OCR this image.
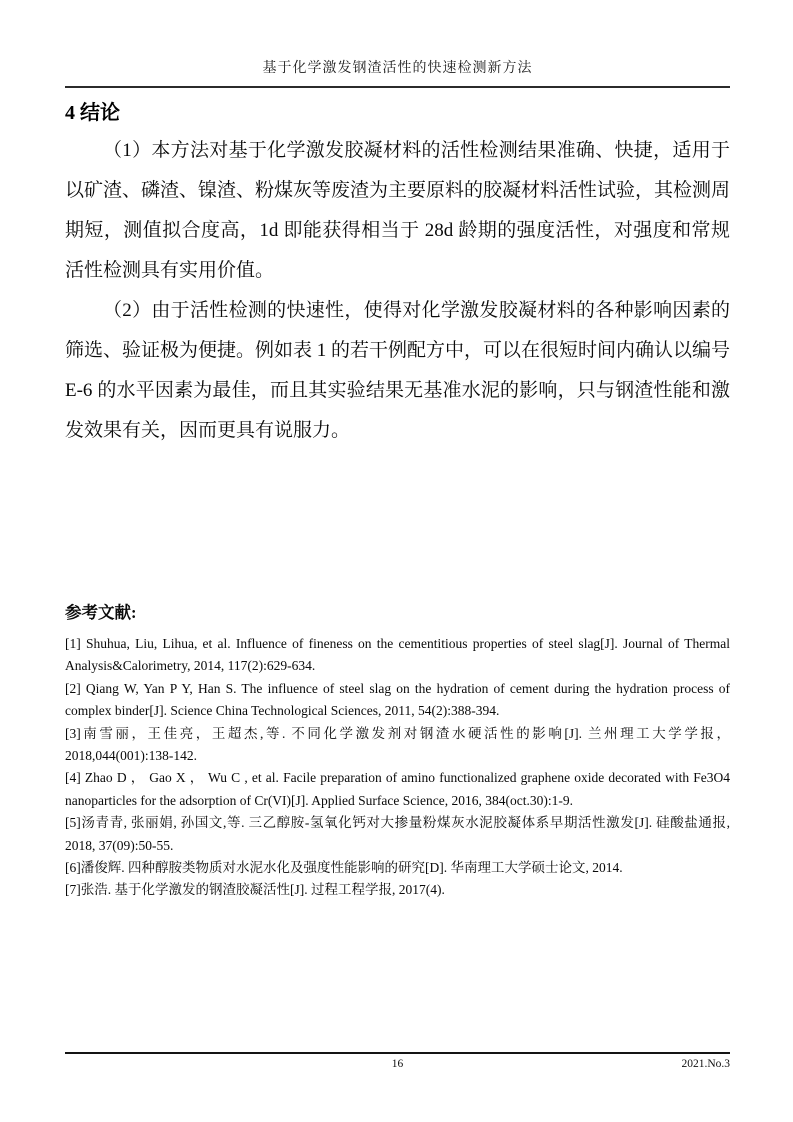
基于化学激发钢渣活性的快速检测新方法
4 结论

（1）本方法对基于化学激发胶凝材料的活性检测结果准确、快捷，适用于以矿渣、磷渣、镍渣、粉煤灰等废渣为主要原料的胶凝材料活性试验，其检测周期短，测值拟合度高，1d 即能获得相当于 28d 龄期的强度活性，对强度和常规活性检测具有实用价值。

（2）由于活性检测的快速性，使得对化学激发胶凝材料的各种影响因素的筛选、验证极为便捷。例如表 1 的若干例配方中，可以在很短时间内确认以编号 E-6 的水平因素为最佳，而且其实验结果无基准水泥的影响，只与钢渣性能和激发效果有关，因而更具有说服力。

参考文献:

[1] Shuhua, Liu, Lihua, et al. Influence of fineness on the cementitious properties of steel slag[J]. Journal of Thermal Analysis&Calorimetry, 2014, 117(2):629-634.

[2] Qiang W, Yan P Y, Han S. The influence of steel slag on the hydration of cement during the hydration process of complex binder[J]. Science China Technological Sciences, 2011, 54(2):388-394.

[3]南雪丽，王佳亮，王超杰,等. 不同化学激发剂对钢渣水硬活性的影响[J]. 兰州理工大学学报，2018,044(001):138-142.

[4] Zhao D ， Gao X ， Wu C , et al. Facile preparation of amino functionalized graphene oxide decorated with Fe3O4 nanoparticles for the adsorption of Cr(VI)[J]. Applied Surface Science, 2016, 384(oct.30):1-9.

[5]汤青青, 张丽娟, 孙国文,等. 三乙醇胺-氢氧化钙对大掺量粉煤灰水泥胶凝体系早期活性激发[J]. 硅酸盐通报, 2018, 37(09):50-55.

[6]潘俊辉. 四种醇胺类物质对水泥水化及强度性能影响的研究[D]. 华南理工大学硕士论文, 2014.

[7]张浩. 基于化学激发的钢渣胶凝活性[J]. 过程工程学报, 2017(4).

16	2021.No.3
